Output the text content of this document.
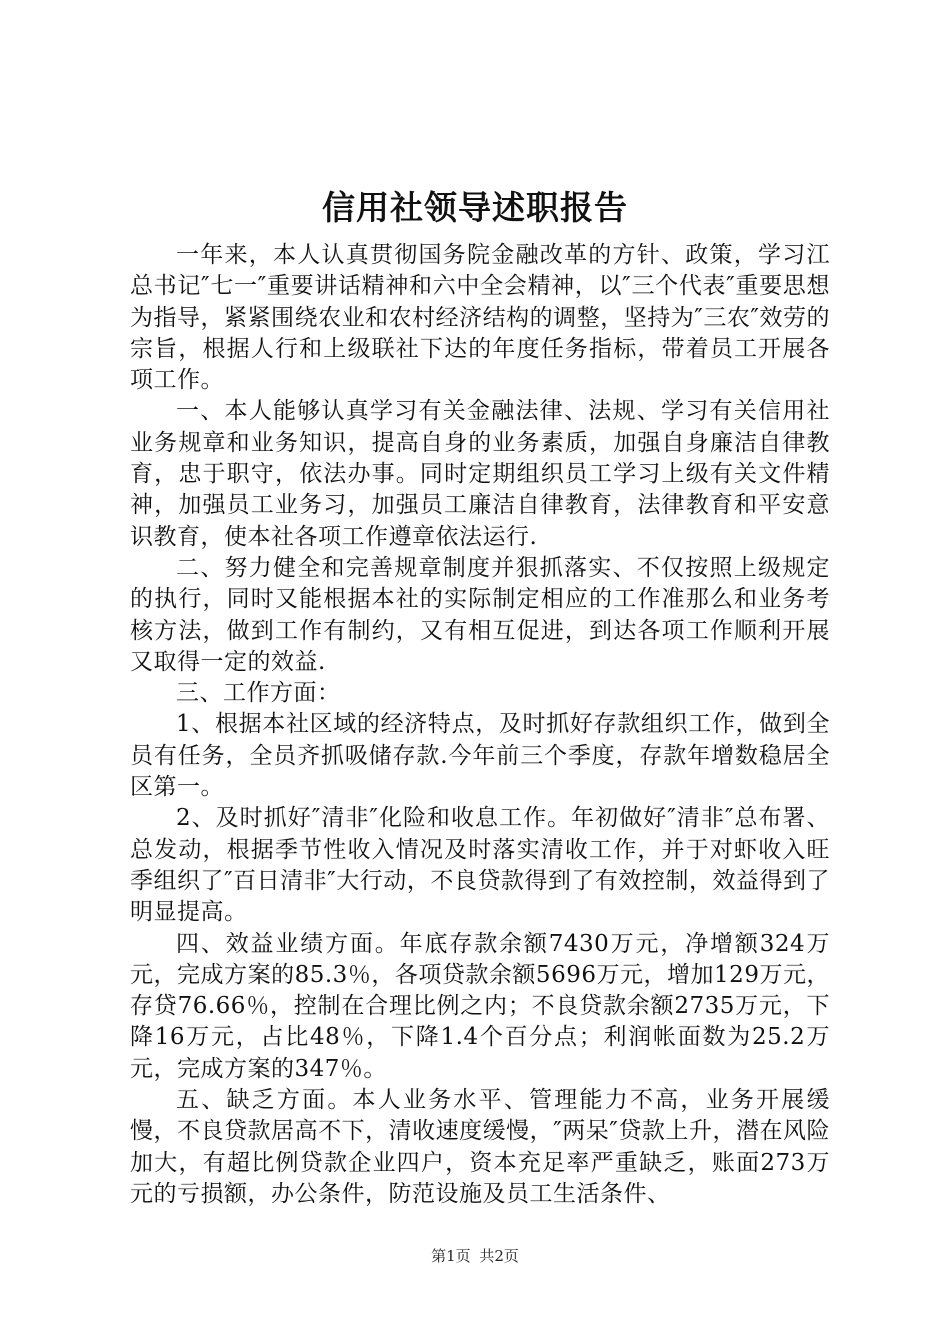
信用社领导述职报告

一年来，本人认真贯彻国务院金融改革的方针、政策，学习江总书记″七一″重要讲话精神和六中全会精神，以″三个代表″重要思想为指导，紧紧围绕农业和农村经济结构的调整，坚持为″三农″效劳的宗旨，根据人行和上级联社下达的年度任务指标，带着员工开展各项工作。

一、本人能够认真学习有关金融法律、法规、学习有关信用社业务规章和业务知识，提高自身的业务素质，加强自身廉洁自律教育，忠于职守，依法办事。同时定期组织员工学习上级有关文件精神，加强员工业务习，加强员工廉洁自律教育，法律教育和平安意识教育，使本社各项工作遵章依法运行.

二、努力健全和完善规章制度并狠抓落实、不仅按照上级规定的执行，同时又能根据本社的实际制定相应的工作准那么和业务考核方法，做到工作有制约，又有相互促进，到达各项工作顺利开展又取得一定的效益.

三、工作方面：

1、根据本社区域的经济特点，及时抓好存款组织工作，做到全员有任务，全员齐抓吸储存款.今年前三个季度，存款年增数稳居全区第一。

2、及时抓好″清非″化险和收息工作。年初做好″清非″总布署、总发动，根据季节性收入情况及时落实清收工作，并于对虾收入旺季组织了″百日清非″大行动，不良贷款得到了有效控制，效益得到了明显提高。

四、效益业绩方面。年底存款余额7430万元，净增额324万元，完成方案的85.3％，各项贷款余额5696万元，增加129万元，存贷76.66％，控制在合理比例之内；不良贷款余额2735万元，下降16万元，占比48％，下降1.4个百分点；利润帐面数为25.2万元，完成方案的347％。

五、缺乏方面。本人业务水平、管理能力不高，业务开展缓慢，不良贷款居高不下，清收速度缓慢，″两呆″贷款上升，潜在风险加大，有超比例贷款企业四户，资本充足率严重缺乏，账面273万元的亏损额，办公条件，防范设施及员工生活条件、

第1页 共2页
